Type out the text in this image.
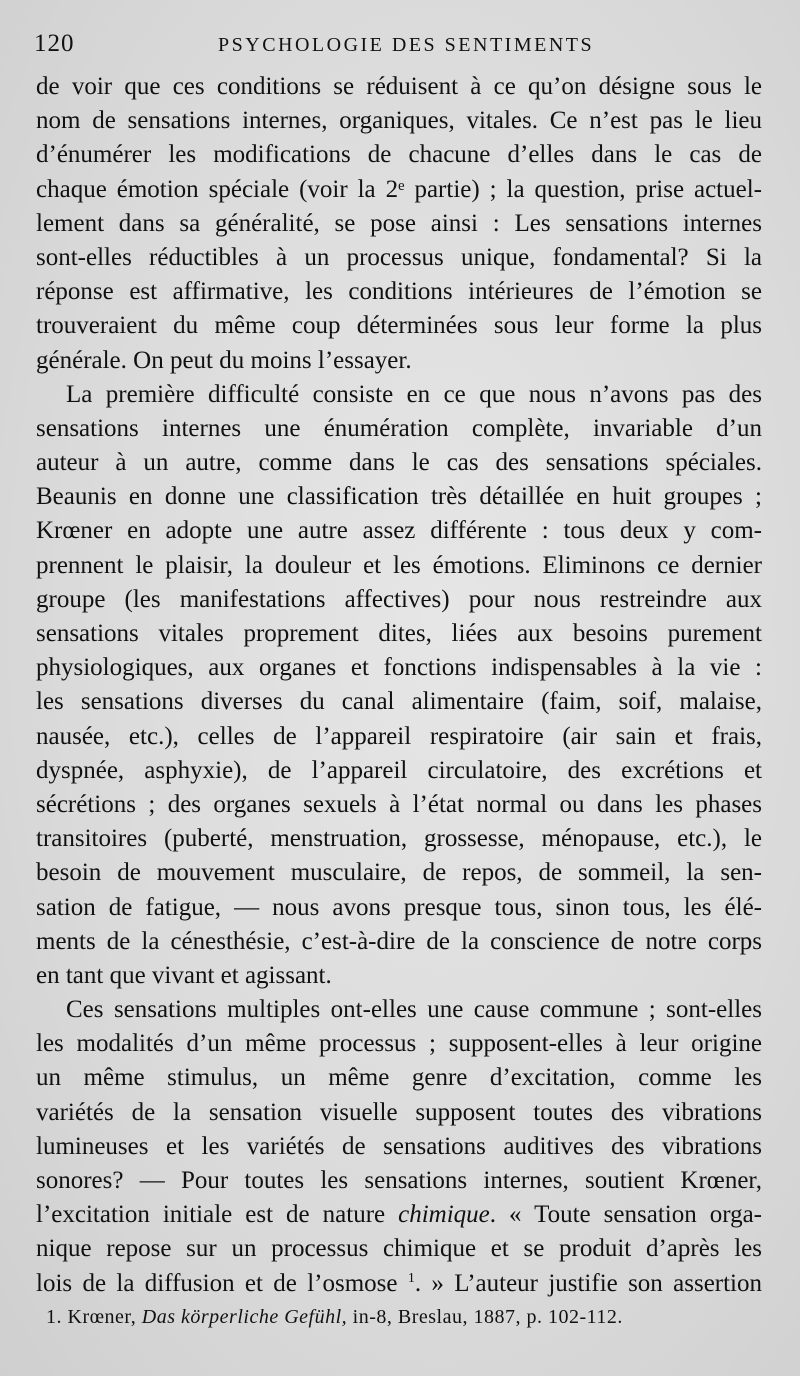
120	PSYCHOLOGIE DES SENTIMENTS
de voir que ces conditions se réduisent à ce qu’on désigne sous le
nom de sensations internes, organiques, vitales. Ce n’est pas le lieu
d’énumérer les modifications de chacune d’elles dans le cas de
chaque émotion spéciale (voir la 2ᵉ partie) ; la question, prise actuel-
lement dans sa généralité, se pose ainsi : Les sensations internes
sont-elles réductibles à un processus unique, fondamental? Si la
réponse est affirmative, les conditions intérieures de l’émotion se
trouveraient du même coup déterminées sous leur forme la plus
générale. On peut du moins l’essayer.
La première difficulté consiste en ce que nous n’avons pas des
sensations internes une énumération complète, invariable d’un
auteur à un autre, comme dans le cas des sensations spéciales.
Beaunis en donne une classification très détaillée en huit groupes ;
Krœner en adopte une autre assez différente : tous deux y com-
prennent le plaisir, la douleur et les émotions. Eliminons ce dernier
groupe (les manifestations affectives) pour nous restreindre aux
sensations vitales proprement dites, liées aux besoins purement
physiologiques, aux organes et fonctions indispensables à la vie :
les sensations diverses du canal alimentaire (faim, soif, malaise,
nausée, etc.), celles de l’appareil respiratoire (air sain et frais,
dyspnée, asphyxie), de l’appareil circulatoire, des excrétions et
sécrétions ; des organes sexuels à l’état normal ou dans les phases
transitoires (puberté, menstruation, grossesse, ménopause, etc.), le
besoin de mouvement musculaire, de repos, de sommeil, la sen-
sation de fatigue, — nous avons presque tous, sinon tous, les élé-
ments de la cénesthésie, c’est-à-dire de la conscience de notre corps
en tant que vivant et agissant.
Ces sensations multiples ont-elles une cause commune ; sont-elles
les modalités d’un même processus ; supposent-elles à leur origine
un même stimulus, un même genre d’excitation, comme les
variétés de la sensation visuelle supposent toutes des vibrations
lumineuses et les variétés de sensations auditives des vibrations
sonores? — Pour toutes les sensations internes, soutient Krœner,
l’excitation initiale est de nature chimique. « Toute sensation orga-
nique repose sur un processus chimique et se produit d’après les
lois de la diffusion et de l’osmose $^1$. » L’auteur justifie son assertion
1. Krœner, Das körperliche Gefühl, in-8, Breslau, 1887, p. 102-112.
